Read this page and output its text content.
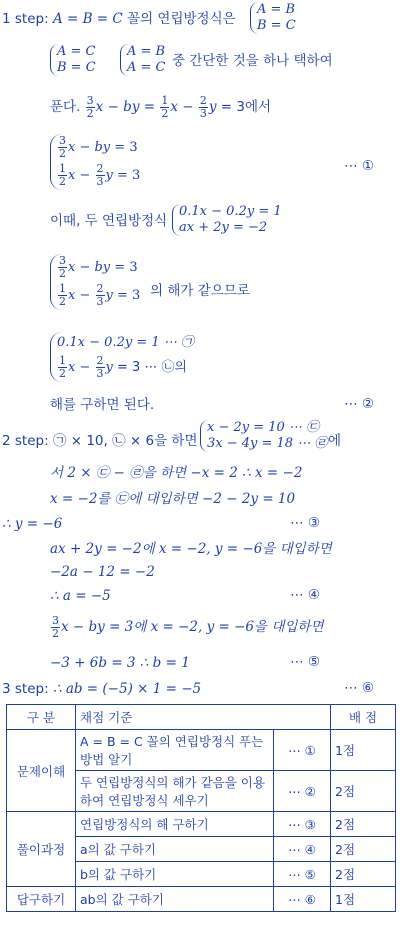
1 step: A = B = C 꼴의 연립방정식은
A = B
B = C
A = C
B = C
A = B
A = C 중 간단한 것을 하나 택하여
푼다. $\frac{3}{2}$ x − by = $\frac{1}{2}$ $x - \frac{2}{3}$ y = 3에서
$\frac{3}{2}$ x − by = 3
$\frac{1}{2}$ $x - \frac{2}{3}$ y = 3
⋯ ①
이때, 두 연립방정식
0.1x − 0.2y = 1
ax + 2y = −2
$\frac{3}{2}$ x − by = 3
$\frac{1}{2}$ $x - \frac{2}{3}$ y = 3 의 해가 같으므로
0.1x − 0.2y = 1 ⋯ ㉠
$\frac{1}{2}$ $x - \frac{2}{3}$ y = 3 ⋯ ㉡의
해를 구하면 된다.	⋯ ②
2 step: ㉠ × 10, ㉡ × 6을 하면
x − 2y = 10 ⋯ ㉢
3x − 4y = 18 ⋯ ㉣ 에
서 2 × ㉢ − ㉣을 하면 −x = 2 ∴ x = −2
x = −2를 ㉢에 대입하면 −2 − 2y = 10
∴ y = −6	⋯ ③
ax + 2y = −2에 x = −2, y = −6을 대입하면
−2a − 12 = −2
∴ a = −5	⋯ ④
$\frac{3}{2}$ x − by = 3에 x = −2, y = −6을 대입하면
−3 + 6b = 3 ∴ b = 1	⋯ ⑤
3 step: ∴ ab = (−5) × 1 = −5	⋯ ⑥
구 분	채점 기준		배 점
문제이해	A = B = C 꼴의 연립방정식 푸는 방법 알기	⋯ ①	1점
	두 연립방정식의 해가 같음을 이용하여 연립방정식 세우기	⋯ ②	2점
풀이과정	연립방정식의 해 구하기	⋯ ③	2점
	a의 값 구하기	⋯ ④	2점
	b의 값 구하기	⋯ ⑤	2점
답구하기	ab의 값 구하기	⋯ ⑥	1점
